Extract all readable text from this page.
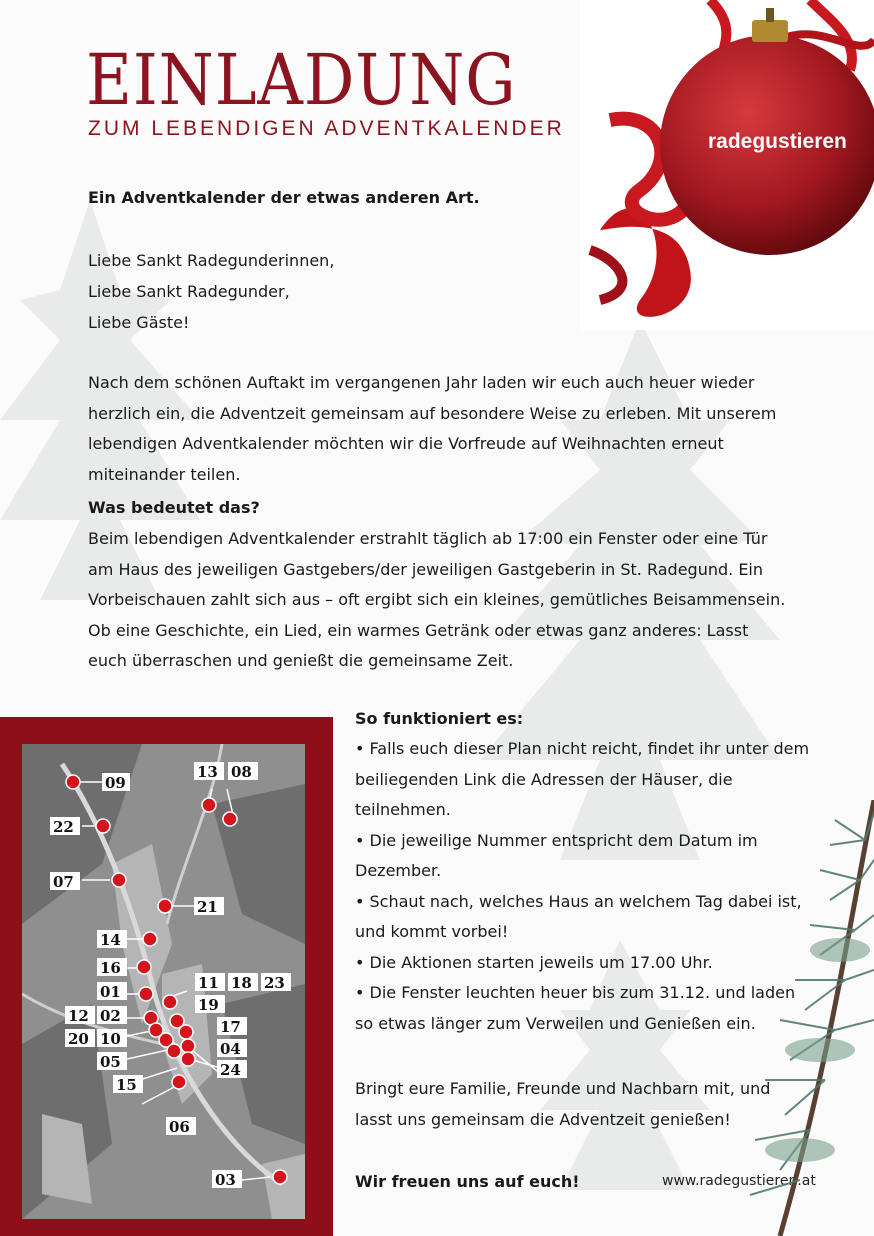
EINLADUNG
ZUM LEBENDIGEN ADVENTKALENDER
radegustieren
Ein Adventkalender der etwas anderen Art.
Liebe Sankt Radegunderinnen,
Liebe Sankt Radegunder,
Liebe Gäste!
Nach dem schönen Auftakt im vergangenen Jahr laden wir euch auch heuer wieder herzlich ein, die Adventzeit gemeinsam auf besondere Weise zu erleben. Mit unserem lebendigen Adventkalender möchten wir die Vorfreude auf Weihnachten erneut miteinander teilen.
Was bedeutet das?
Beim lebendigen Adventkalender erstrahlt täglich ab 17:00 ein Fenster oder eine Tür am Haus des jeweiligen Gastgebers/der jeweiligen Gastgeberin in St. Radegund. Ein Vorbeischauen zahlt sich aus – oft ergibt sich ein kleines, gemütliches Beisammensein. Ob eine Geschichte, ein Lied, ein warmes Getränk oder etwas ganz anderes: Lasst euch überraschen und genießt die gemeinsame Zeit.
09
13 08
22
07
21
14
16
01	11 18 23
19
12 02
17
20 10
04
05	24
15
06
03
So funktioniert es:
• Falls euch dieser Plan nicht reicht, findet ihr unter dem beiliegenden Link die Adressen der Häuser, die teilnehmen.
• Die jeweilige Nummer entspricht dem Datum im Dezember.
• Schaut nach, welches Haus an welchem Tag dabei ist, und kommt vorbei!
• Die Aktionen starten jeweils um 17.00 Uhr.
• Die Fenster leuchten heuer bis zum 31.12. und laden so etwas länger zum Verweilen und Genießen ein.
Bringt eure Familie, Freunde und Nachbarn mit, und lasst uns gemeinsam die Adventzeit genießen!
Wir freuen uns auf euch!	www.radegustieren.at
